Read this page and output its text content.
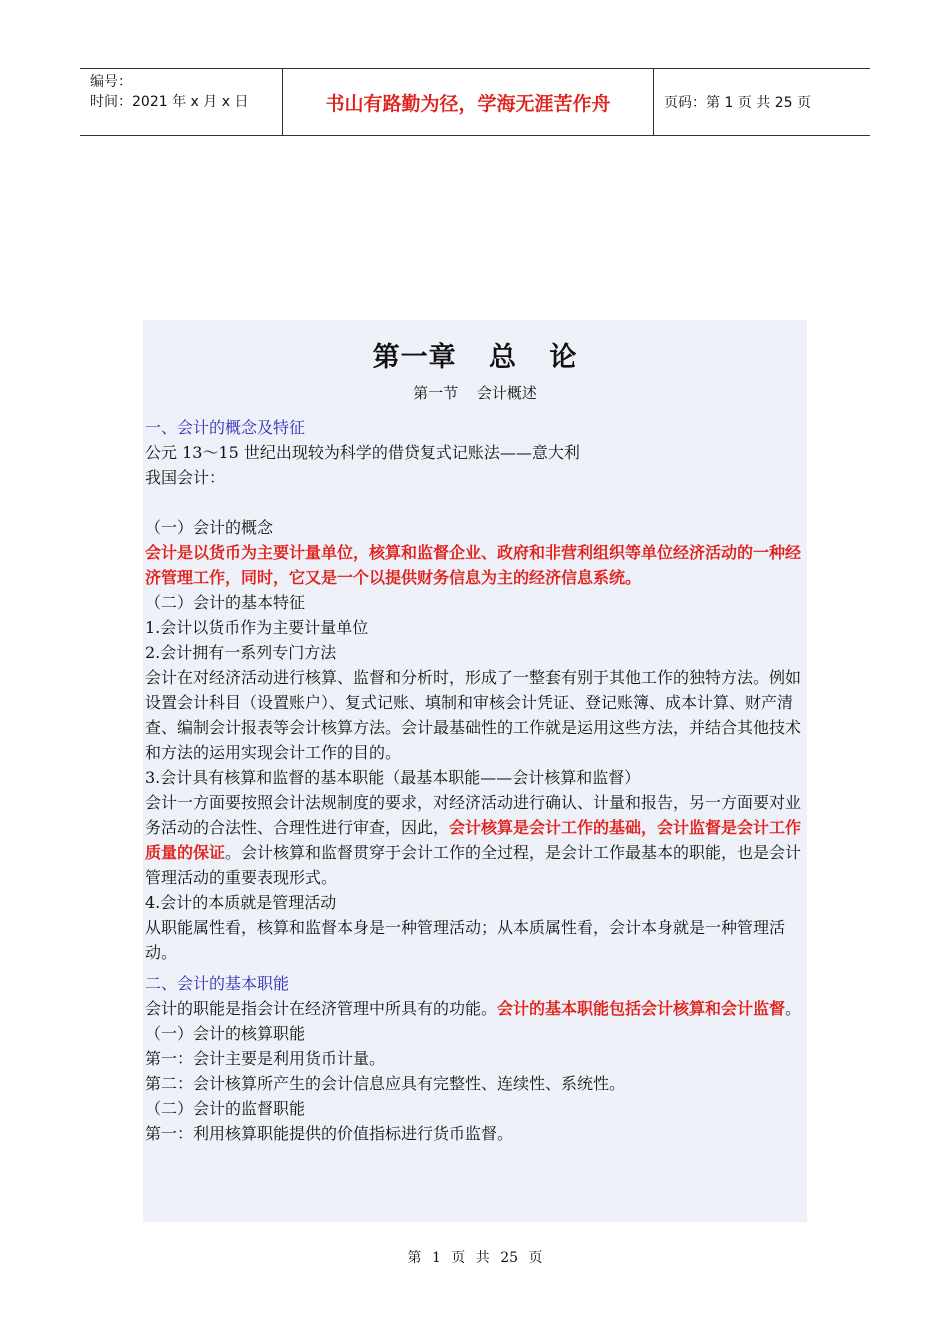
编号：
时间：2021 年 x 月 x 日	书山有路勤为径，学海无涯苦作舟	页码：第 1 页 共 25 页
第一章 总 论
第一节 会计概述

一、会计的概念及特征

公元 13～15 世纪出现较为科学的借贷复式记账法——意大利

我国会计：

（一）会计的概念

会计是以货币为主要计量单位，核算和监督企业、政府和非营利组织等单位经济活动的一种经济管理工作，同时，它又是一个以提供财务信息为主的经济信息系统。

（二）会计的基本特征

1.会计以货币作为主要计量单位

2.会计拥有一系列专门方法

会计在对经济活动进行核算、监督和分析时，形成了一整套有别于其他工作的独特方法。例如设置会计科目（设置账户）、复式记账、填制和审核会计凭证、登记账簿、成本计算、财产清查、编制会计报表等会计核算方法。会计最基础性的工作就是运用这些方法，并结合其他技术和方法的运用实现会计工作的目的。

3.会计具有核算和监督的基本职能（最基本职能——会计核算和监督）

会计一方面要按照会计法规制度的要求，对经济活动进行确认、计量和报告，另一方面要对业务活动的合法性、合理性进行审查，因此，会计核算是会计工作的基础，会计监督是会计工作质量的保证。会计核算和监督贯穿于会计工作的全过程，是会计工作最基本的职能，也是会计管理活动的重要表现形式。

4.会计的本质就是管理活动

从职能属性看，核算和监督本身是一种管理活动；从本质属性看，会计本身就是一种管理活动。

二、会计的基本职能

会计的职能是指会计在经济管理中所具有的功能。会计的基本职能包括会计核算和会计监督。

（一）会计的核算职能

第一：会计主要是利用货币计量。

第二：会计核算所产生的会计信息应具有完整性、连续性、系统性。

（二）会计的监督职能

第一：利用核算职能提供的价值指标进行货币监督。

第 1 页 共 25 页
